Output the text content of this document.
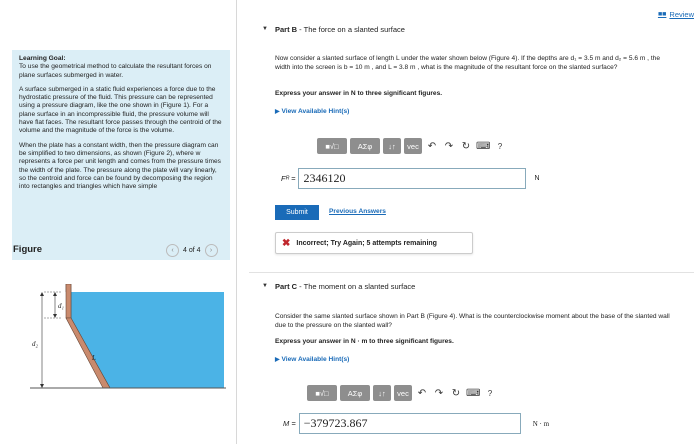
Learning Goal:

To use the geometrical method to calculate the resultant forces on plane surfaces submerged in water.

A surface submerged in a static fluid experiences a force due to the hydrostatic pressure of the fluid. This pressure can be represented using a pressure diagram, like the one shown in (Figure 1). For a plane surface in an incompressible fluid, the pressure volume will have flat faces. The resultant force passes through the centroid of the volume and the magnitude of the force is the volume.

When the plate has a constant width, then the pressure diagram can be simplified to two dimensions, as shown (Figure 2), where w represents a force per unit length and comes from the pressure times the width of the plate. The pressure along the plate will vary linearly, so the centroid and force can be found by decomposing the region into rectangles and triangles which have simple

Figure	‹	4 of 4	›
d₁
d₂
L
■■ Review
▼ Part B - The force on a slanted surface
Now consider a slanted surface of length L under the water shown below (Figure 4). If the depths are d₁ = 3.5 m and d₂ = 5.6 m , the width into the screen is b = 10 m , and L = 3.8 m , what is the magnitude of the resultant force on the slanted surface?
Express your answer in N to three significant figures.
▶ View Available Hint(s)
■√□	AΣφ	↓↑	vec ↶ ↷ ↻ ⌨ ?
Fᴿ = 2346120	N
Submit	Previous Answers
✖ Incorrect; Try Again; 5 attempts remaining
▼ Part C - The moment on a slanted surface
Consider the same slanted surface shown in Part B (Figure 4). What is the counterclockwise moment about the base of the slanted wall due to the pressure on the slanted wall?
Express your answer in N · m to three significant figures.
▶ View Available Hint(s)
■√□	AΣφ	↓↑	vec ↶ ↷ ↻ ⌨ ?
M = −379723.867	N · m
